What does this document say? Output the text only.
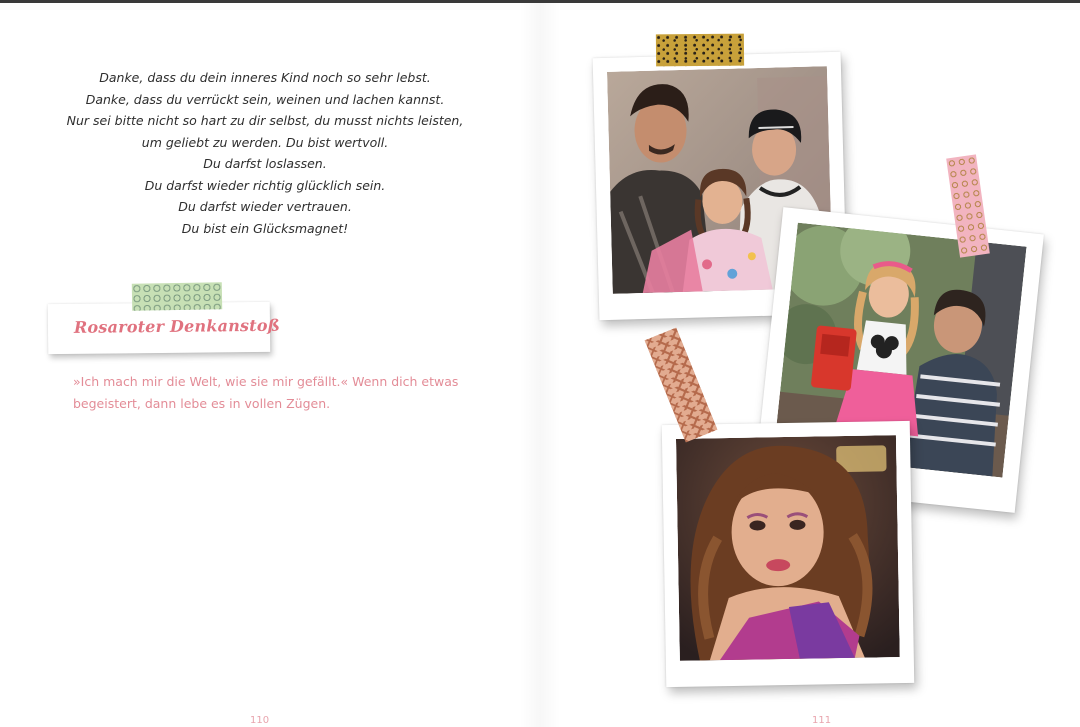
Danke, dass du dein inneres Kind noch so sehr lebst.
Danke, dass du verrückt sein, weinen und lachen kannst.
Nur sei bitte nicht so hart zu dir selbst, du musst nichts leisten,
um geliebt zu werden. Du bist wertvoll.
Du darfst loslassen.
Du darfst wieder richtig glücklich sein.
Du darfst wieder vertrauen.
Du bist ein Glücksmagnet!
Rosaroter Denkanstoß
»Ich mach mir die Welt, wie sie mir gefällt.« Wenn dich etwas begeistert, dann lebe es in vollen Zügen.
110	111
